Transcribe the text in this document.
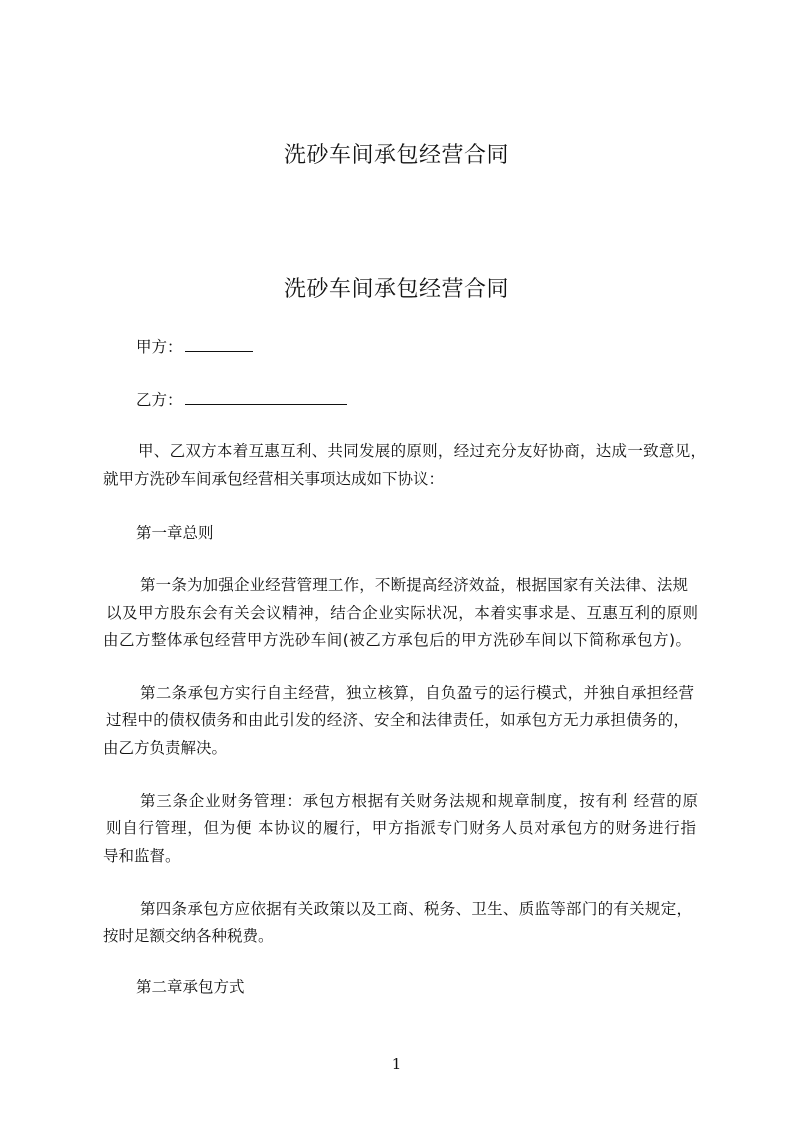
洗砂车间承包经营合同
洗砂车间承包经营合同
甲方：
乙方：
甲、乙双方本着互惠互利、共同发展的原则，经过充分友好协商，达成一致意见，
就甲方洗砂车间承包经营相关事项达成如下协议：
第一章总则
第一条为加强企业经营管理工作，不断提高经济效益，根据国家有关法律、法规
以及甲方股东会有关会议精神，结合企业实际状况，本着实事求是、互惠互利的原则
由乙方整体承包经营甲方洗砂车间(被乙方承包后的甲方洗砂车间以下简称承包方)。
第二条承包方实行自主经营，独立核算，自负盈亏的运行模式，并独自承担经营
过程中的债权债务和由此引发的经济、安全和法律责任，如承包方无力承担债务的，
由乙方负责解决。
第三条企业财务管理：承包方根据有关财务法规和规章制度，按有利 经营的原
则自行管理，但为便 本协议的履行，甲方指派专门财务人员对承包方的财务进行指
导和监督。
第四条承包方应依据有关政策以及工商、税务、卫生、质监等部门的有关规定，
按时足额交纳各种税费。
第二章承包方式
1
